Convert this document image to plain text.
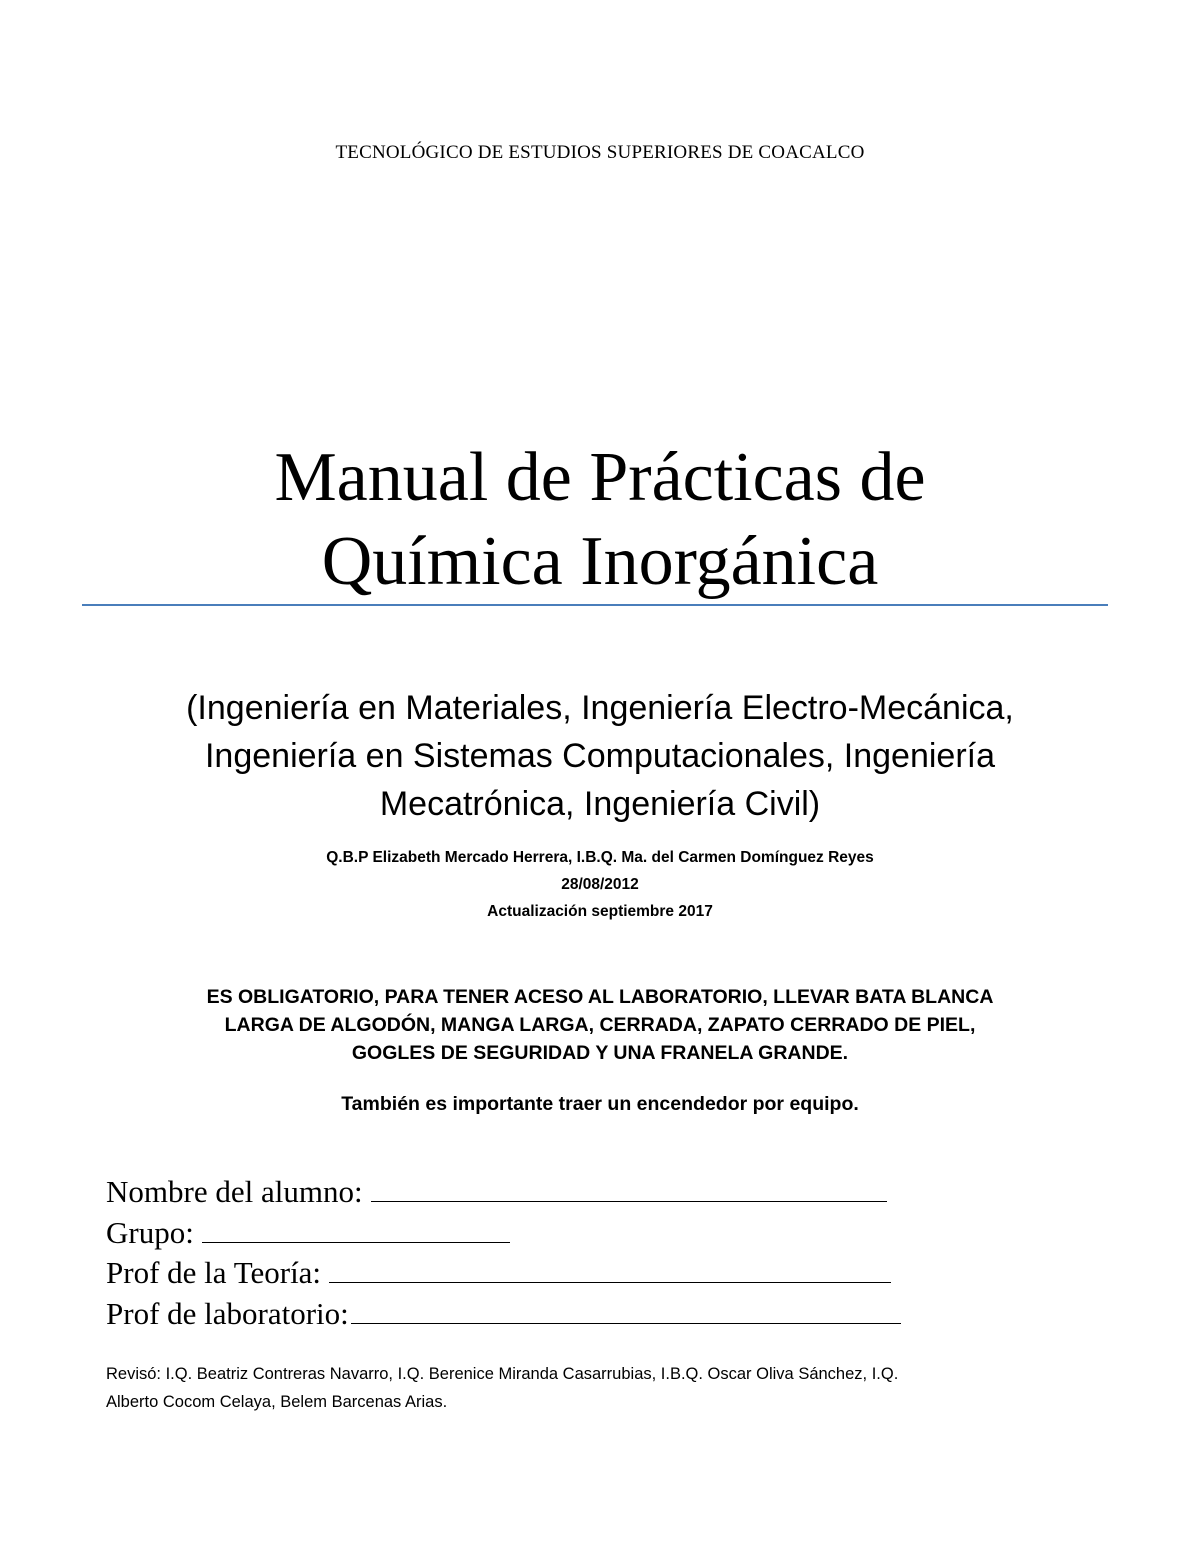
TECNOLÓGICO DE ESTUDIOS SUPERIORES DE COACALCO
Manual de Prácticas de
Química Inorgánica
(Ingeniería en Materiales, Ingeniería Electro-Mecánica,
Ingeniería en Sistemas Computacionales, Ingeniería
Mecatrónica, Ingeniería Civil)
Q.B.P Elizabeth Mercado Herrera, I.B.Q. Ma. del Carmen Domínguez Reyes
28/08/2012
Actualización septiembre 2017
ES OBLIGATORIO, PARA TENER ACESO AL LABORATORIO, LLEVAR BATA BLANCA
LARGA DE ALGODÓN, MANGA LARGA, CERRADA, ZAPATO CERRADO DE PIEL,
GOGLES DE SEGURIDAD Y UNA FRANELA GRANDE.
También es importante traer un encendedor por equipo.
Nombre del alumno:
Grupo:
Prof de la Teoría:
Prof de laboratorio:
Revisó: I.Q. Beatriz Contreras Navarro, I.Q. Berenice Miranda Casarrubias, I.B.Q. Oscar Oliva Sánchez, I.Q.
Alberto Cocom Celaya, Belem Barcenas Arias.
